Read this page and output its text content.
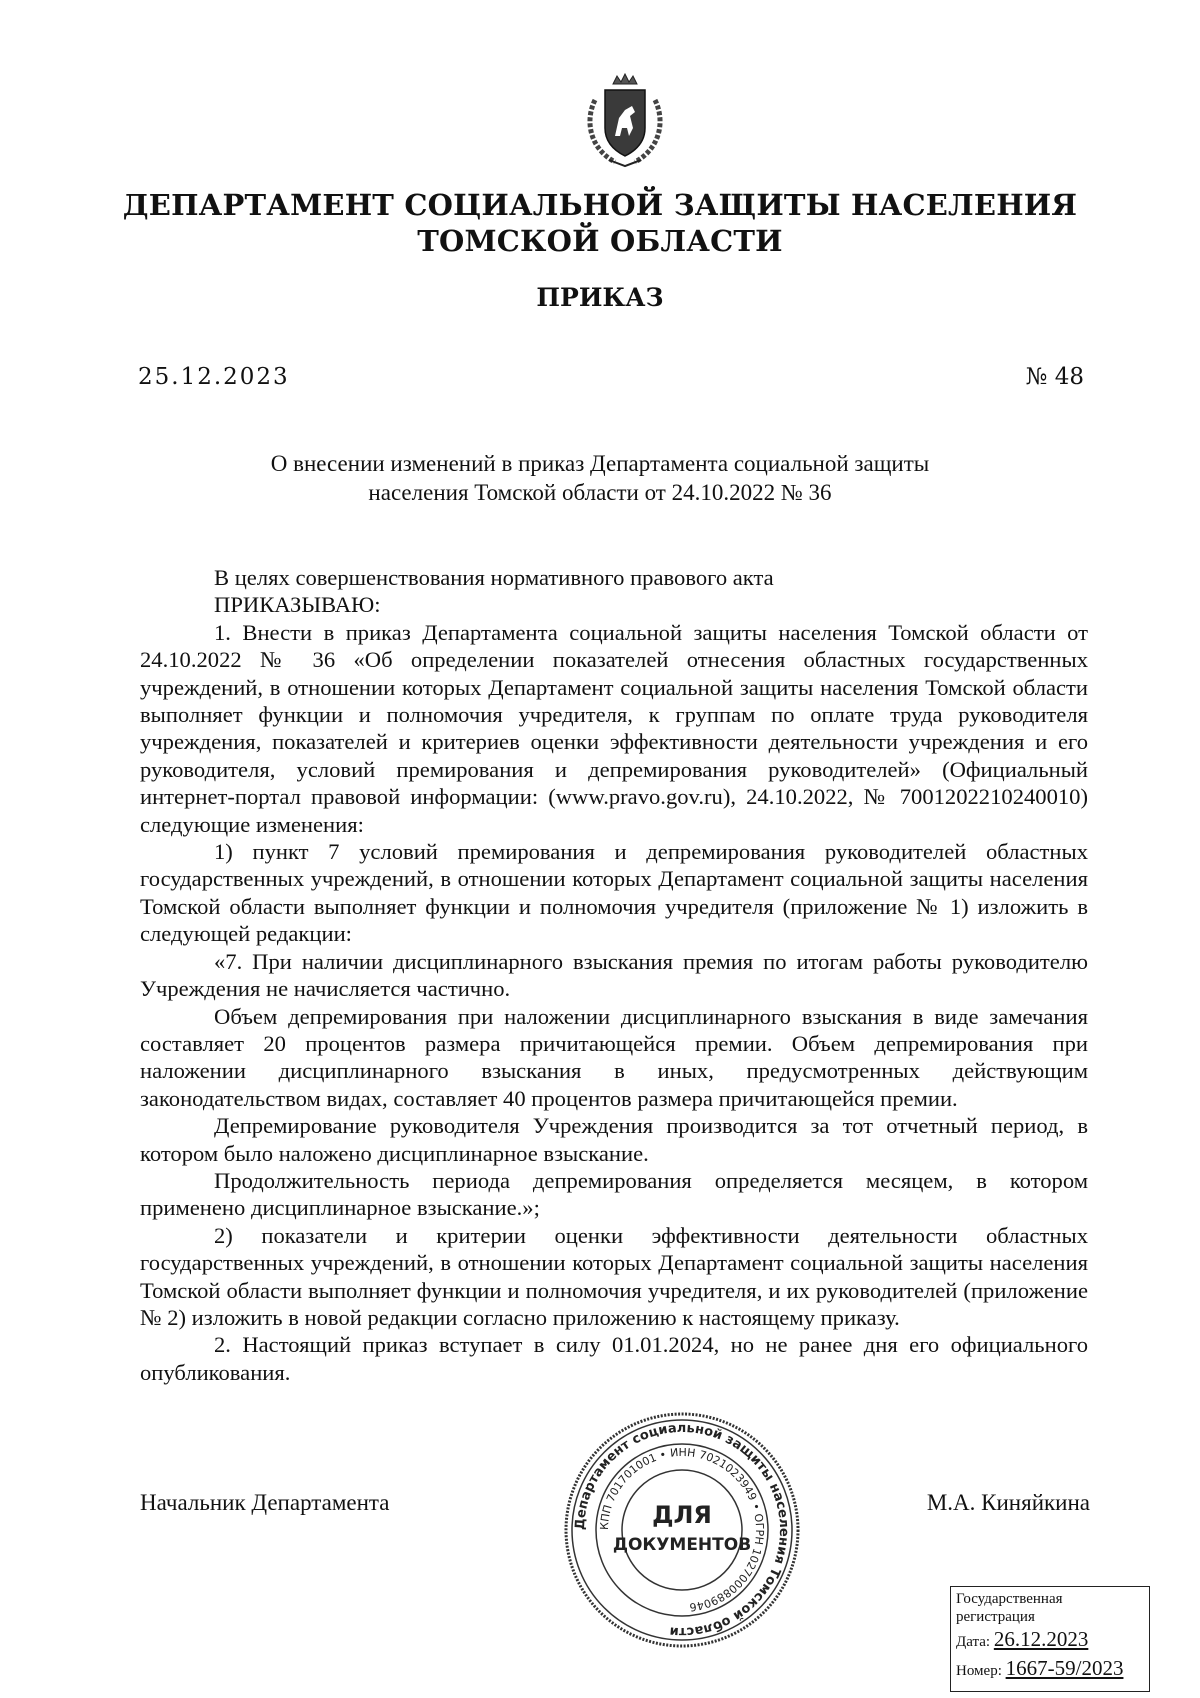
ДЕПАРТАМЕНТ СОЦИАЛЬНОЙ ЗАЩИТЫ НАСЕЛЕНИЯ
ТОМСКОЙ ОБЛАСТИ
ПРИКАЗ
25.12.2023	№ 48
О внесении изменений в приказ Департамента социальной защиты
населения Томской области от 24.10.2022 № 36

В целях совершенствования нормативного правового акта

ПРИКАЗЫВАЮ:

1. Внести в приказ Департамента социальной защиты населения Томской области от 24.10.2022 № 36 «Об определении показателей отнесения областных государственных учреждений, в отношении которых Департамент социальной защиты населения Томской области выполняет функции и полномочия учредителя, к группам по оплате труда руководителя учреждения, показателей и критериев оценки эффективности деятельности учреждения и его руководителя, условий премирования и депремирования руководителей» (Официальный интернет-портал правовой информации: (www.pravo.gov.ru), 24.10.2022, № 7001202210240010) следующие изменения:

1) пункт 7 условий премирования и депремирования руководителей областных государственных учреждений, в отношении которых Департамент социальной защиты населения Томской области выполняет функции и полномочия учредителя (приложение № 1) изложить в следующей редакции:

«7. При наличии дисциплинарного взыскания премия по итогам работы руководителю Учреждения не начисляется частично.

Объем депремирования при наложении дисциплинарного взыскания в виде замечания составляет 20 процентов размера причитающейся премии. Объем депремирования при наложении дисциплинарного взыскания в иных, предусмотренных действующим законодательством видах, составляет 40 процентов размера причитающейся премии.

Депремирование руководителя Учреждения производится за тот отчетный период, в котором было наложено дисциплинарное взыскание.

Продолжительность периода депремирования определяется месяцем, в котором применено дисциплинарное взыскание.»;

2) показатели и критерии оценки эффективности деятельности областных государственных учреждений, в отношении которых Департамент социальной защиты населения Томской области выполняет функции и полномочия учредителя, и их руководителей (приложение № 2) изложить в новой редакции согласно приложению к настоящему приказу.

2. Настоящий приказ вступает в силу 01.01.2024, но не ранее дня его официального опубликования.

Начальник Департамента	М.А. Киняйкина
Департамент социальной защиты населения Томской области
КПП 701701001 • ИНН 7021023949 • ОГРН 1027000889046
ДЛЯ
ДОКУМЕНТОВ
Государственная регистрация
Дата: 26.12.2023
Номер: 1667-59/2023
